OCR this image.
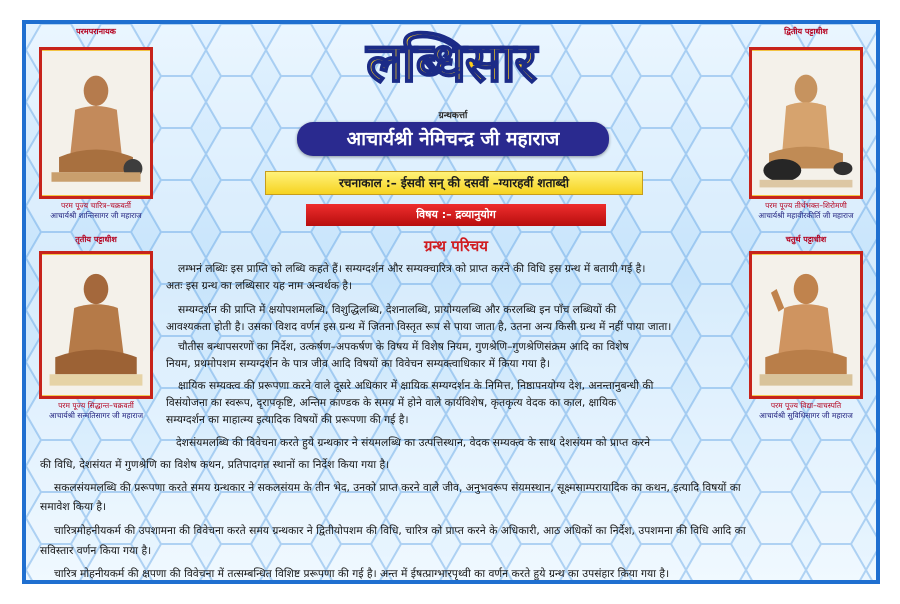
परमपरानायक
परम पूज्य चारित्र–चक्रवर्ती
आचार्यश्री शान्तिसागर जी महाराज
द्वितीय पट्टाधीश
परम पूज्य तीर्थभक्त–शिरोमणी
आचार्यश्री महावीरकीर्ति जी महाराज
तृतीय पट्टाधीश
परम पूज्य सिद्धान्त–चक्रवर्ती
आचार्यश्री सन्मतिसागर जी महाराज
चतुर्थ पट्टाधीश
परम पूज्य विद्या–वाचस्पति
आचार्यश्री सुविधिसागर जी महाराज
लब्धिसार
ग्रन्थकर्त्ता
आचार्यश्री नेमिचन्द्र जी महाराज
रचनाकाल :– ईसवी सन् की दसवीं –ग्यारहवीं शताब्दी
विषय :– द्रव्यानुयोग
ग्रन्थ परिचय
लम्भनं लब्धिः इस प्राप्ति को लब्धि कहते हैं। सम्यग्दर्शन और सम्यक्चारित्र को प्राप्त करने की विधि इस ग्रन्थ में बतायी गई है।
अतः इस ग्रन्थ का लब्धिसार यह नाम अन्वर्थक है।
सम्यग्दर्शन की प्राप्ति में क्षयोपशमलब्धि, विशुद्धिलब्धि, देशनालब्धि, प्रायोग्यलब्धि और करलब्धि इन पाँच लब्धियों की
आवश्यकता होती है। उसका विशद वर्णन इस ग्रन्थ में जितना विस्तृत रूप से पाया जाता है, उतना अन्य किसी ग्रन्थ में नहीं पाया जाता।
चौतीस बन्धापसरणों का निर्देश, उत्कर्षण–अपकर्षण के विषय में विशेष नियम, गुणश्रेणि–गुणश्रेणिसंक्रम आदि का विशेष
नियम, प्रथमोपशम सम्यग्दर्शन के पात्र जीव आदि विषयों का विवेचन सम्यक्त्वाधिकार में किया गया है।
क्षायिक सम्यक्त्व की प्ररूपणा करने वाले दूसरे अधिकार में क्षायिक सम्यग्दर्शन के निमित्त, निष्ठापनयोग्य देश, अनन्तानुबन्धी की
विसंयोजना का स्वरूप, दृरापकृष्टि, अन्तिम काण्डक के समय में होने वाले कार्यविशेष, कृतकृत्य वेदक का काल, क्षायिक
सम्यग्दर्शन का माहात्म्य इत्यादिक विषयों की प्ररूपणा की गई है।
देशसंयमलब्धि की विवेचना करते हुये ग्रन्थकार ने संयमलब्धि का उत्पत्तिस्थान, वेदक सम्यक्त्व के साथ देशसंयम को प्राप्त करने
की विधि, देशसंयत में गुणश्रेणि का विशेष कथन, प्रतिपादगत स्थानों का निर्देश किया गया है।
सकलसंयमलब्धि की प्ररूपणा करते समय ग्रन्थकार ने सकलसंयम के तीन भेद, उनको प्राप्त करने वाले जीव, अनुभवरूप संयमस्थान, सूक्ष्मसाम्परायादिक का कथन, इत्यादि विषयों का
समावेश किया है।
चारित्रमोहनीयकर्म की उपशामना की विवेचना करते समय ग्रन्थकार ने द्वितीयोपशम की विधि, चारित्र को प्राप्त करने के अधिकारी, आठ अधिकों का निर्देश, उपशमना की विधि आदि का
सविस्तार वर्णन किया गया है।
चारित्र मोहनीयकर्म की क्षपणा की विवेचना में तत्सम्बन्धित विशिष्ट प्ररूपणा की गई है। अन्त में ईषत्प्राग्भारपृथ्वी का वर्णन करते हुये ग्रन्थ का उपसंहार किया गया है।
